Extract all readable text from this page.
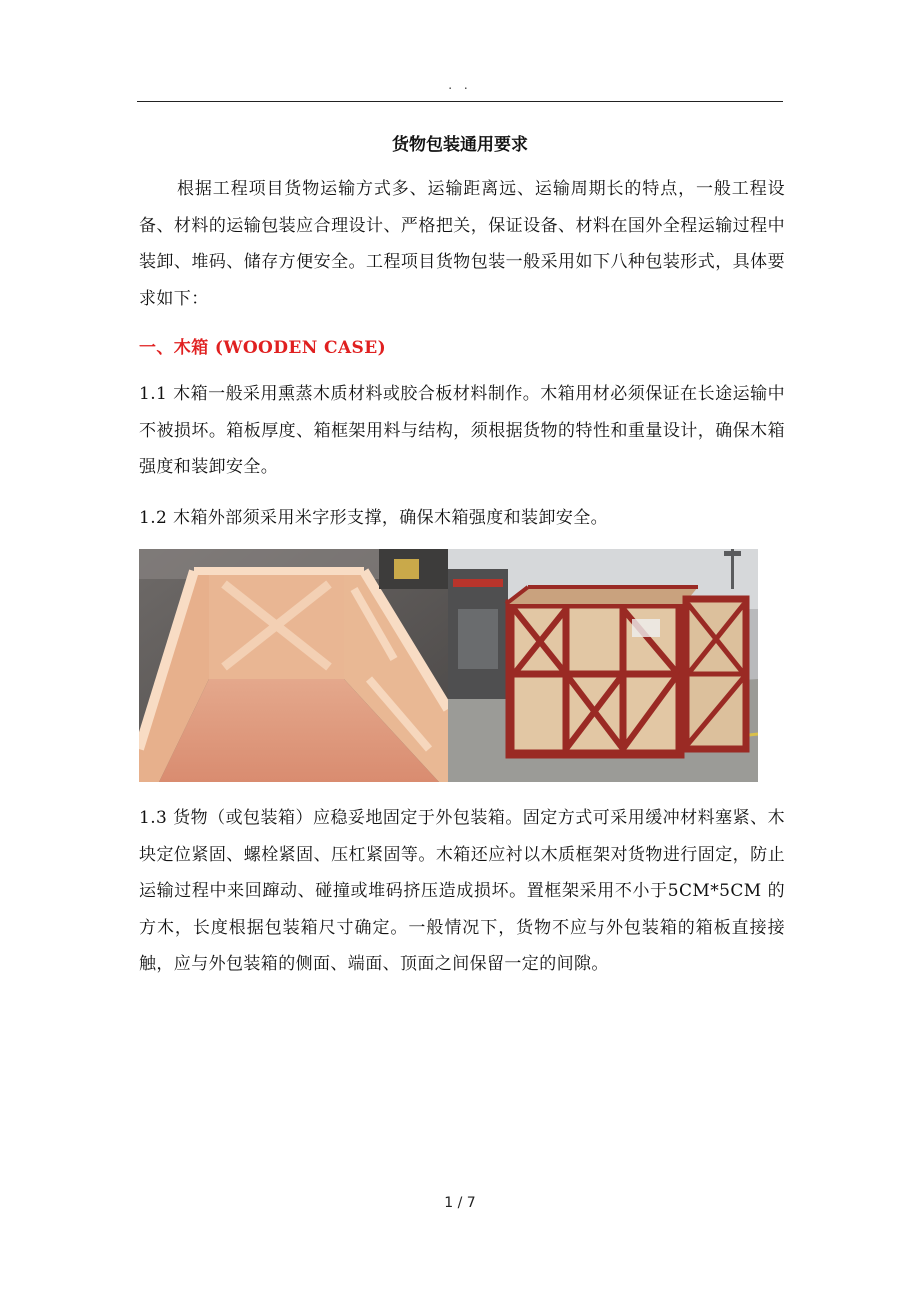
. .
货物包装通用要求
根据工程项目货物运输方式多、运输距离远、运输周期长的特点，一般工程设备、材料的运输包装应合理设计、严格把关，保证设备、材料在国外全程运输过程中装卸、堆码、储存方便安全。工程项目货物包装一般采用如下八种包装形式，具体要求如下：
一、木箱 (WOODEN CASE)
1.1 木箱一般采用熏蒸木质材料或胶合板材料制作。木箱用材必须保证在长途运输中不被损坏。箱板厚度、箱框架用料与结构，须根据货物的特性和重量设计，确保木箱强度和装卸安全。
1.2 木箱外部须采用米字形支撑，确保木箱强度和装卸安全。
1.3 货物（或包装箱）应稳妥地固定于外包装箱。固定方式可采用缓冲材料塞紧、木块定位紧固、螺栓紧固、压杠紧固等。木箱还应衬以木质框架对货物进行固定，防止运输过程中来回蹿动、碰撞或堆码挤压造成损坏。置框架采用不小于5CM*5CM 的方木，长度根据包装箱尺寸确定。一般情况下，货物不应与外包装箱的箱板直接接触，应与外包装箱的侧面、端面、顶面之间保留一定的间隙。
1 / 7
